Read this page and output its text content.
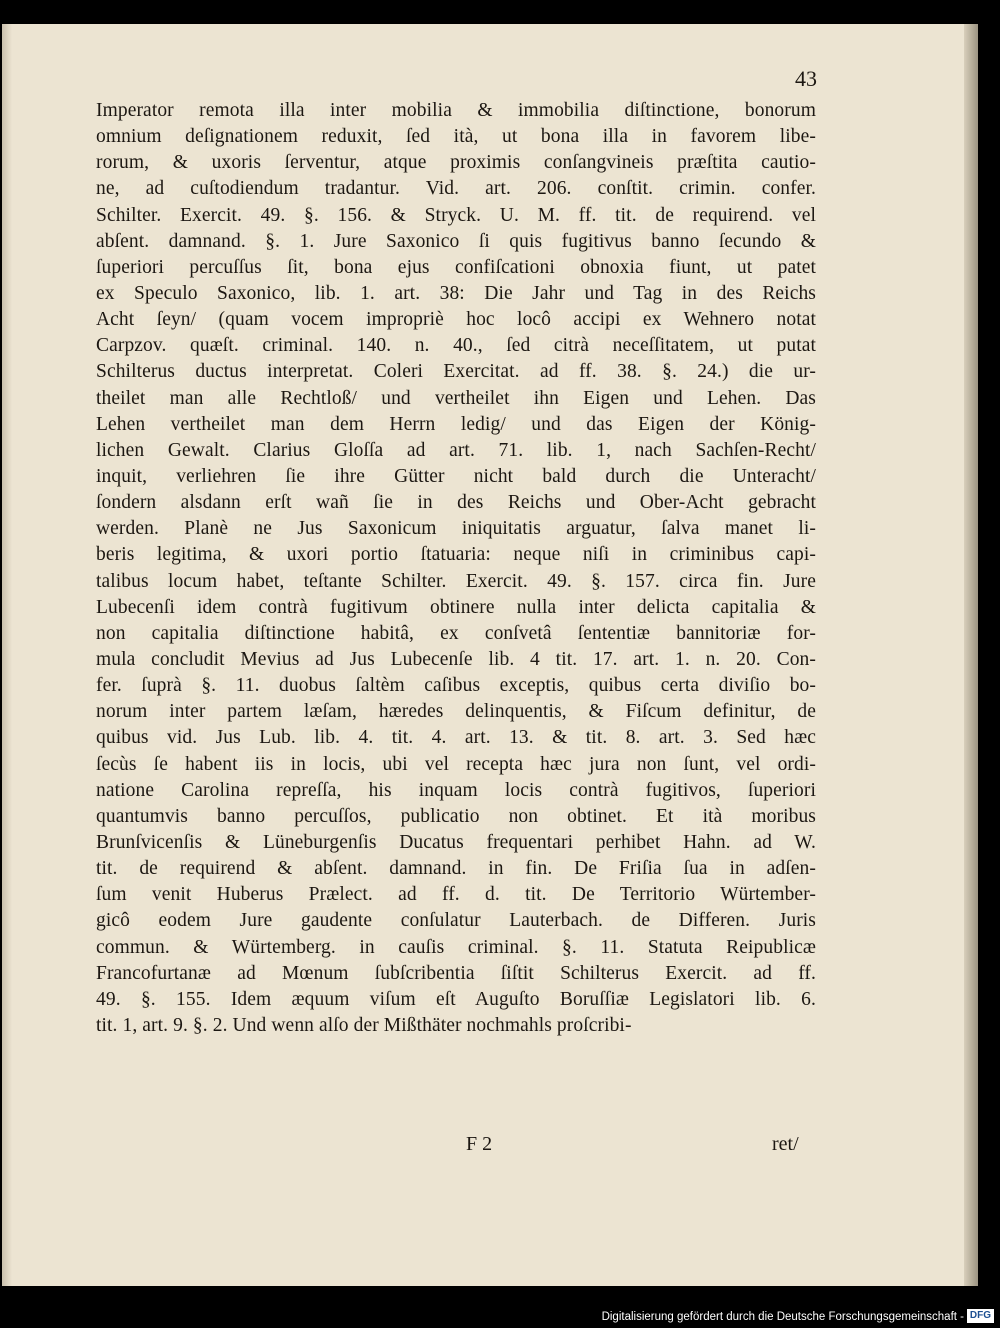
43
Imperator remota illa inter mobilia & immobilia diſtinctione, bonorum
omnium deſignationem reduxit, ſed ità, ut bona illa in favorem libe-
rorum, & uxoris ſerventur, atque proximis conſangvineis præſtita cautio-
ne, ad cuſtodiendum tradantur. Vid. art. 206. conſtit. crimin. confer.
Schilter. Exercit. 49. §. 156. & Stryck. U. M. ff. tit. de requirend. vel
abſent. damnand. §. 1. Jure Saxonico ſi quis fugitivus banno ſecundo &
ſuperiori percuſſus ſit, bona ejus confiſcationi obnoxia fiunt, ut patet
ex Speculo Saxonico, lib. 1. art. 38: Die Jahr und Tag in des Reichs
Acht ſeyn/ (quam vocem impropriè hoc locô accipi ex Wehnero notat
Carpzov. quæſt. criminal. 140. n. 40., ſed citrà neceſſitatem, ut putat
Schilterus ductus interpretat. Coleri Exercitat. ad ff. 38. §. 24.) die ur-
theilet man alle Rechtloß/ und vertheilet ihn Eigen und Lehen. Das
Lehen vertheilet man dem Herrn ledig/ und das Eigen der König-
lichen Gewalt. Clarius Gloſſa ad art. 71. lib. 1, nach Sachſen-Recht/
inquit, verliehren ſie ihre Gütter nicht bald durch die Unteracht/
ſondern alsdann erſt wañ ſie in des Reichs und Ober-Acht gebracht
werden. Planè ne Jus Saxonicum iniquitatis arguatur, ſalva manet li-
beris legitima, & uxori portio ſtatuaria: neque niſi in criminibus capi-
talibus locum habet, teſtante Schilter. Exercit. 49. §. 157. circa fin. Jure
Lubecenſi idem contrà fugitivum obtinere nulla inter delicta capitalia &
non capitalia diſtinctione habitâ, ex conſvetâ ſententiæ bannitoriæ for-
mula concludit Mevius ad Jus Lubecenſe lib. 4 tit. 17. art. 1. n. 20. Con-
fer. ſuprà §. 11. duobus ſaltèm caſibus exceptis, quibus certa diviſio bo-
norum inter partem læſam, hæredes delinquentis, & Fiſcum definitur, de
quibus vid. Jus Lub. lib. 4. tit. 4. art. 13. & tit. 8. art. 3. Sed hæc
ſecùs ſe habent iis in locis, ubi vel recepta hæc jura non ſunt, vel ordi-
natione Carolina repreſſa, his inquam locis contrà fugitivos, ſuperiori
quantumvis banno percuſſos, publicatio non obtinet. Et ità moribus
Brunſvicenſis & Lüneburgenſis Ducatus frequentari perhibet Hahn. ad W.
tit. de requirend & abſent. damnand. in fin. De Friſia ſua in adſen-
ſum venit Huberus Prælect. ad ff. d. tit. De Territorio Würtember-
gicô eodem Jure gaudente conſulatur Lauterbach. de Differen. Juris
commun. & Würtemberg. in cauſis criminal. §. 11. Statuta Reipublicæ
Francofurtanæ ad Mœnum ſubſcribentia ſiſtit Schilterus Exercit. ad ff.
49. §. 155. Idem æquum viſum eſt Auguſto Boruſſiæ Legislatori lib. 6.
tit. 1, art. 9. §. 2. Und wenn alſo der Mißthäter nochmahls proſcribi-
F 2	ret/
Digitalisierung gefördert durch die Deutsche Forschungsgemeinschaft - DFG
